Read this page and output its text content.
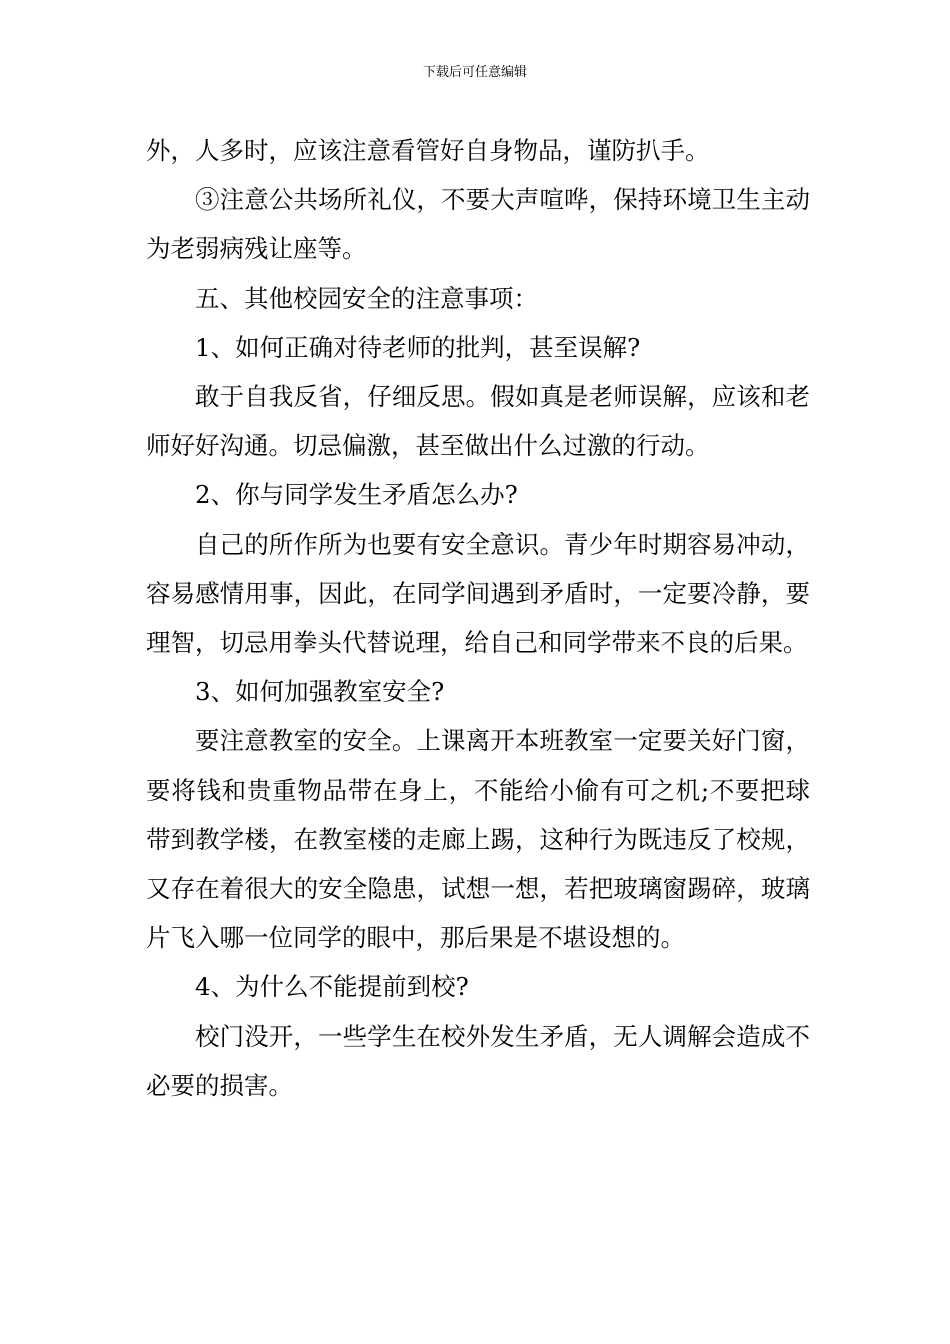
下载后可任意编辑

外，人多时，应该注意看管好自身物品，谨防扒手。

③注意公共场所礼仪，不要大声喧哗，保持环境卫生主动为老弱病残让座等。

五、其他校园安全的注意事项：

1、如何正确对待老师的批判，甚至误解?

敢于自我反省，仔细反思。假如真是老师误解，应该和老师好好沟通。切忌偏激，甚至做出什么过激的行动。

2、你与同学发生矛盾怎么办?

自己的所作所为也要有安全意识。青少年时期容易冲动，容易感情用事，因此，在同学间遇到矛盾时，一定要冷静，要理智，切忌用拳头代替说理，给自己和同学带来不良的后果。

3、如何加强教室安全?

要注意教室的安全。上课离开本班教室一定要关好门窗，要将钱和贵重物品带在身上，不能给小偷有可之机;不要把球带到教学楼，在教室楼的走廊上踢，这种行为既违反了校规，又存在着很大的安全隐患，试想一想，若把玻璃窗踢碎，玻璃片飞入哪一位同学的眼中，那后果是不堪设想的。

4、为什么不能提前到校?

校门没开，一些学生在校外发生矛盾，无人调解会造成不必要的损害。
